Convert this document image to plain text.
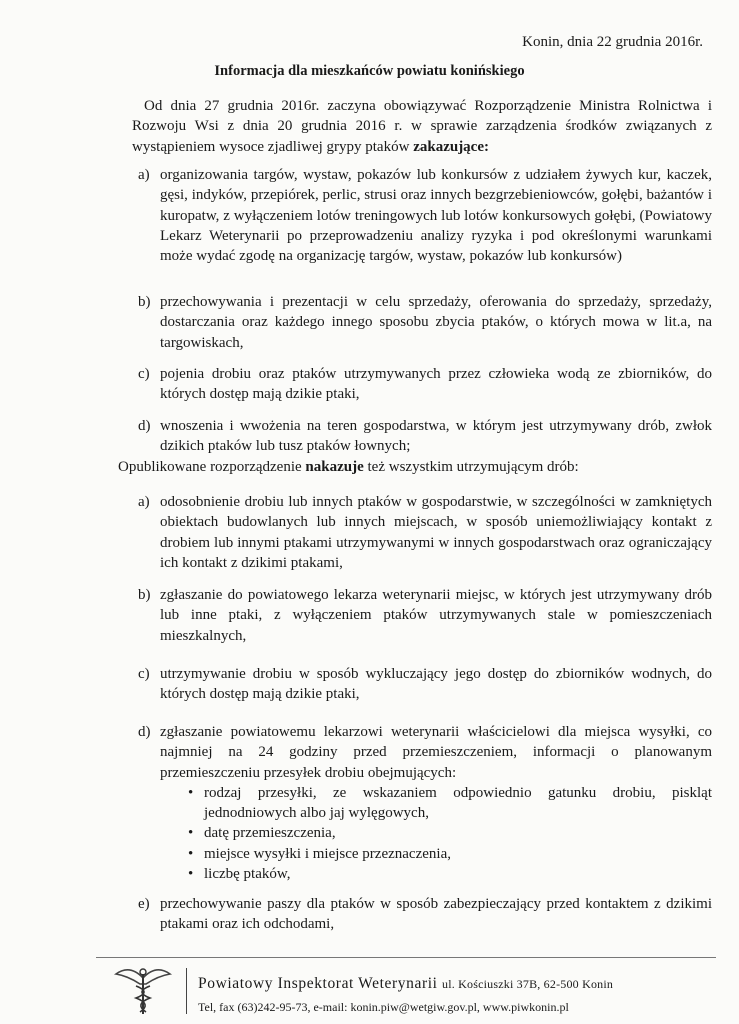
Konin, dnia 22 grudnia 2016r.
Informacja dla mieszkańców powiatu konińskiego
Od dnia 27 grudnia 2016r. zaczyna obowiązywać Rozporządzenie Ministra Rolnictwa i Rozwoju Wsi z dnia 20 grudnia 2016 r. w sprawie zarządzenia środków związanych z wystąpieniem wysoce zjadliwej grypy ptaków zakazujące:
a) organizowania targów, wystaw, pokazów lub konkursów z udziałem żywych kur, kaczek, gęsi, indyków, przepiórek, perlic, strusi oraz innych bezgrzebieniowców, gołębi, bażantów i kuropatw, z wyłączeniem lotów treningowych lub lotów konkursowych gołębi, (Powiatowy Lekarz Weterynarii po przeprowadzeniu analizy ryzyka i pod określonymi warunkami może wydać zgodę na organizację targów, wystaw, pokazów lub konkursów)
b) przechowywania i prezentacji w celu sprzedaży, oferowania do sprzedaży, sprzedaży, dostarczania oraz każdego innego sposobu zbycia ptaków, o których mowa w lit.a, na targowiskach,
c) pojenia drobiu oraz ptaków utrzymywanych przez człowieka wodą ze zbiorników, do których dostęp mają dzikie ptaki,
d) wnoszenia i wwożenia na teren gospodarstwa, w którym jest utrzymywany drób, zwłok dzikich ptaków lub tusz ptaków łownych;
Opublikowane rozporządzenie nakazuje też wszystkim utrzymującym drób:
a) odosobnienie drobiu lub innych ptaków w gospodarstwie, w szczególności w zamkniętych obiektach budowlanych lub innych miejscach, w sposób uniemożliwiający kontakt z drobiem lub innymi ptakami utrzymywanymi w innych gospodarstwach oraz ograniczający ich kontakt z dzikimi ptakami,
b) zgłaszanie do powiatowego lekarza weterynarii miejsc, w których jest utrzymywany drób lub inne ptaki, z wyłączeniem ptaków utrzymywanych stale w pomieszczeniach mieszkalnych,
c) utrzymywanie drobiu w sposób wykluczający jego dostęp do zbiorników wodnych, do których dostęp mają dzikie ptaki,
d) zgłaszanie powiatowemu lekarzowi weterynarii właścicielowi dla miejsca wysyłki, co najmniej na 24 godziny przed przemieszczeniem, informacji o planowanym przemieszczeniu przesyłek drobiu obejmujących:
• rodzaj przesyłki, ze wskazaniem odpowiednio gatunku drobiu, piskląt jednodniowych albo jaj wylęgowych,
• datę przemieszczenia,
• miejsce wysyłki i miejsce przeznaczenia,
• liczbę ptaków,
e) przechowywanie paszy dla ptaków w sposób zabezpieczający przed kontaktem z dzikimi ptakami oraz ich odchodami,
Powiatowy Inspektorat Weterynarii ul. Kościuszki 37B, 62-500 Konin
Tel, fax (63)242-95-73, e-mail: konin.piw@wetgiw.gov.pl, www.piwkonin.pl
